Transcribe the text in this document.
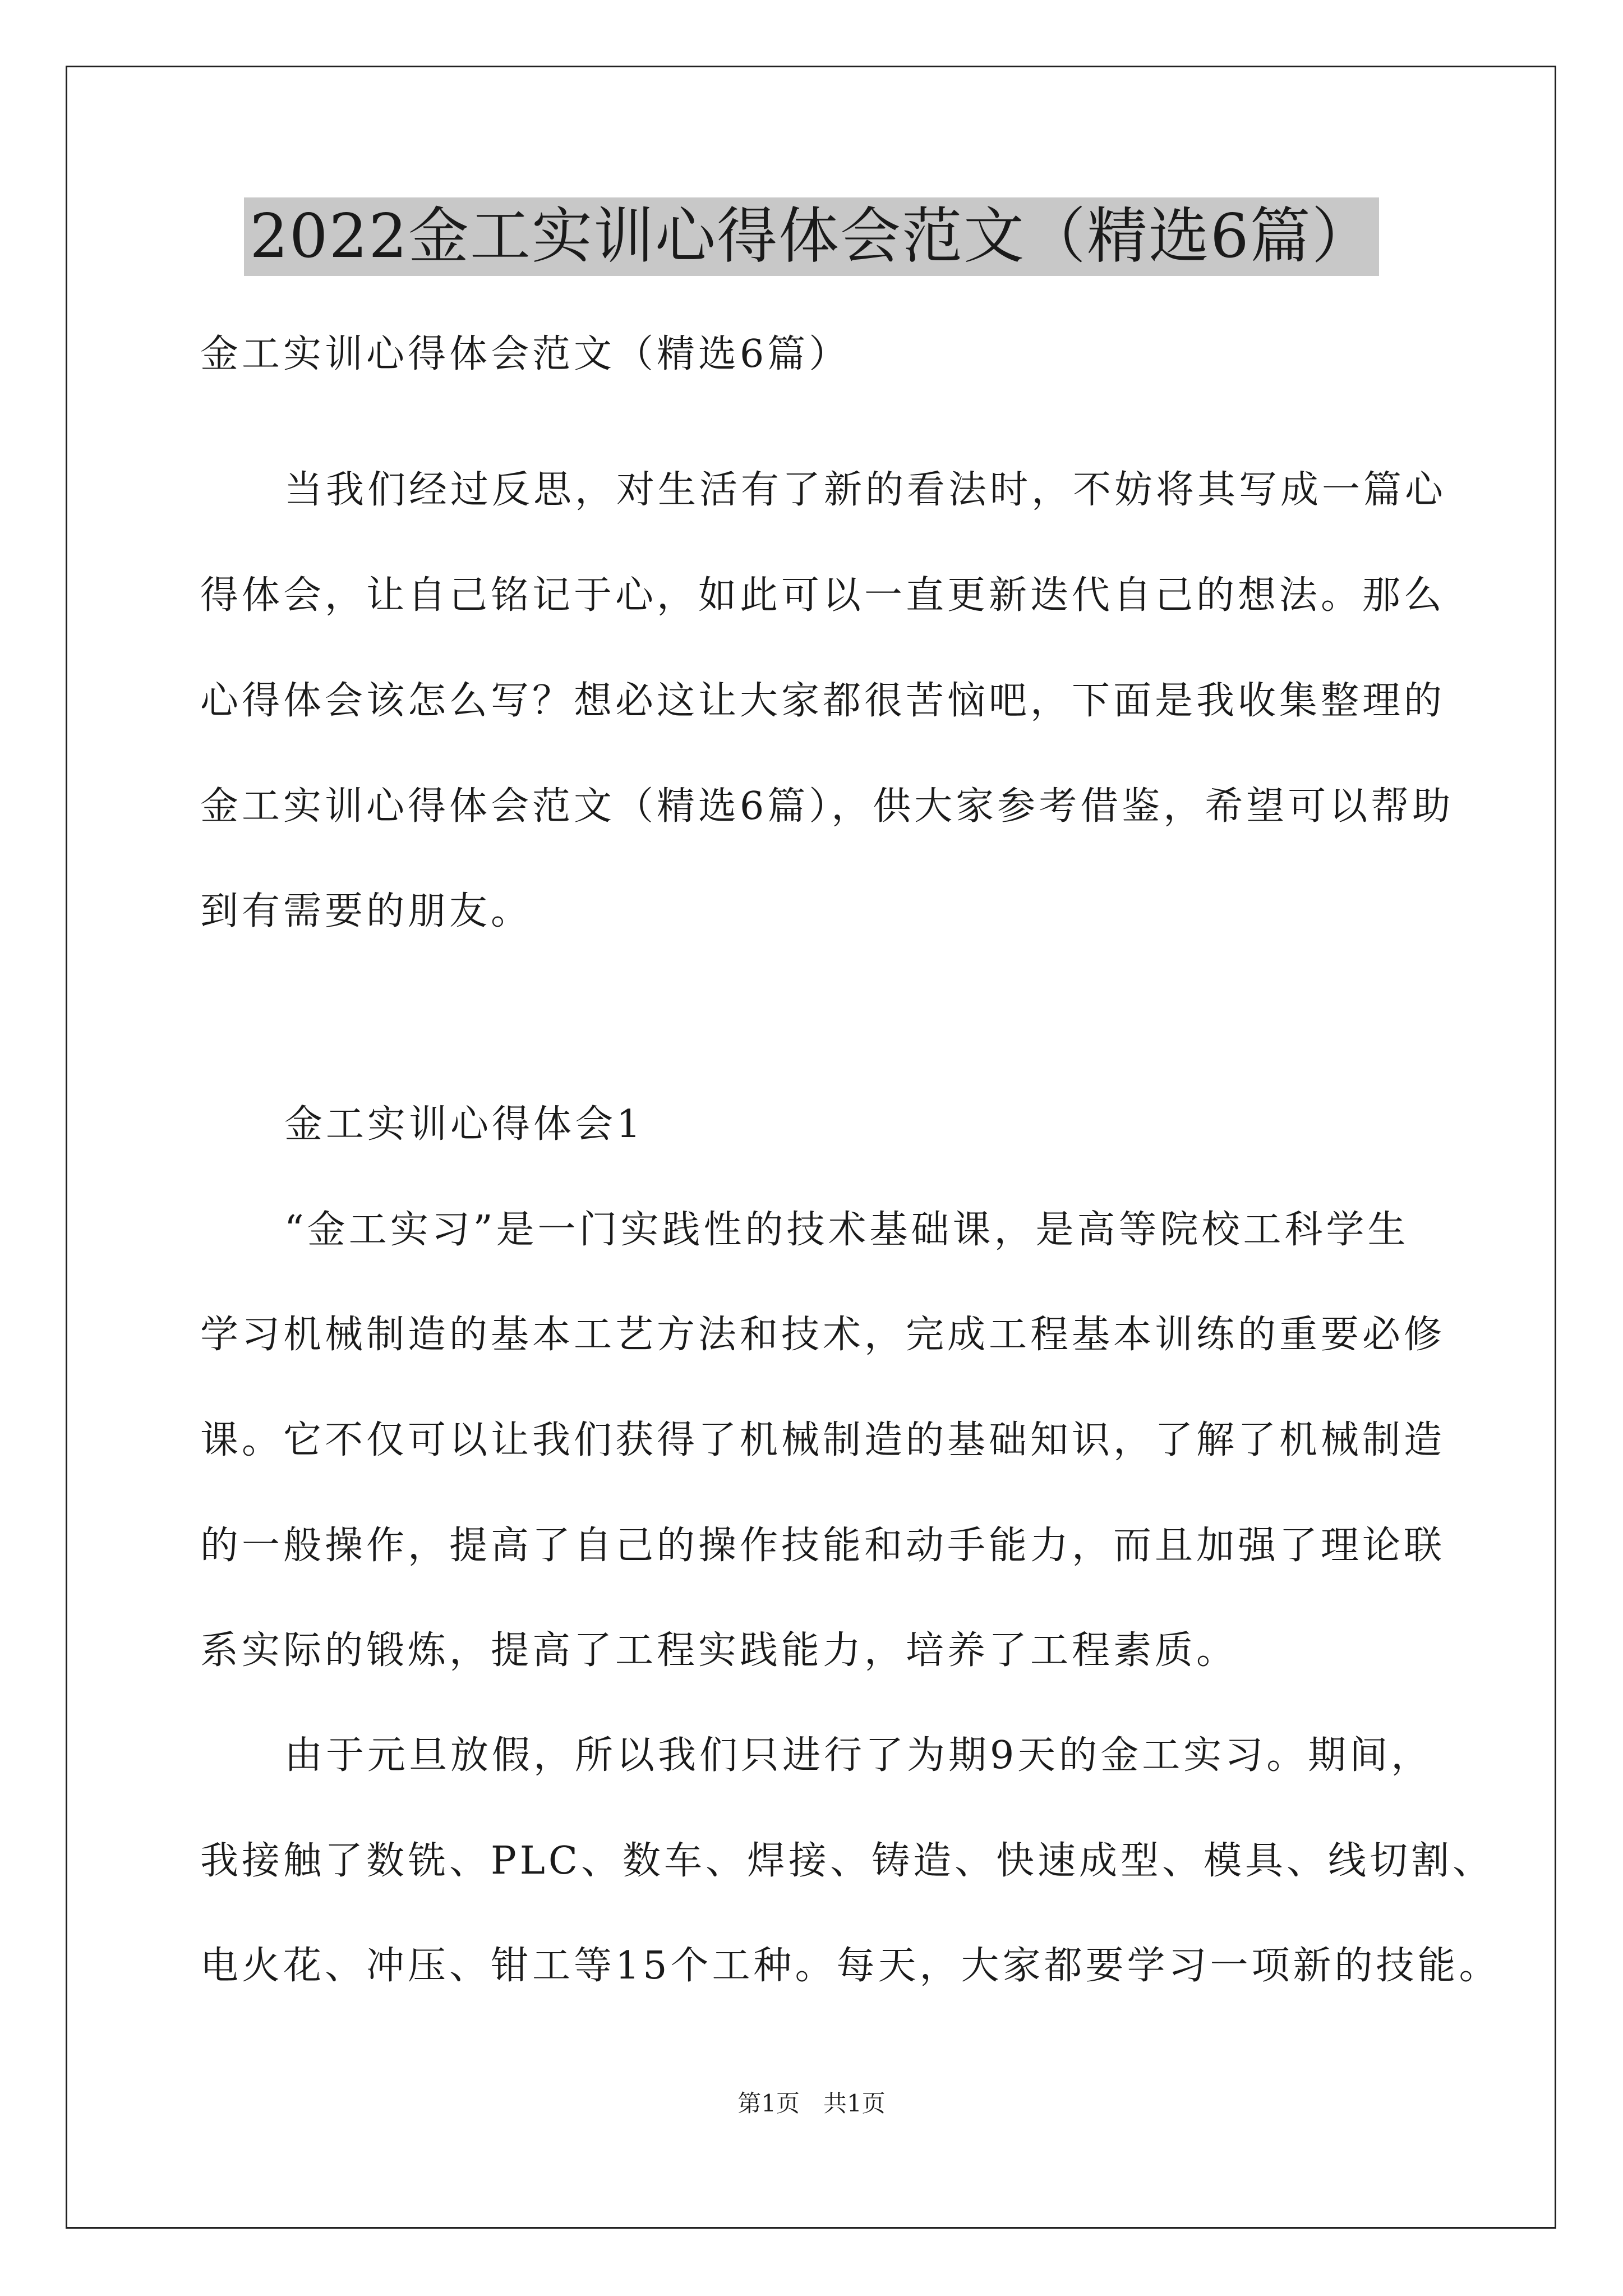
2022金工实训心得体会范文（精选6篇）
金工实训心得体会范文（精选6篇）
当我们经过反思，对生活有了新的看法时，不妨将其写成一篇心
得体会，让自己铭记于心，如此可以一直更新迭代自己的想法。那么
心得体会该怎么写？想必这让大家都很苦恼吧，下面是我收集整理的
金工实训心得体会范文（精选6篇），供大家参考借鉴，希望可以帮助
到有需要的朋友。
金工实训心得体会1
“金工实习”是一门实践性的技术基础课，是高等院校工科学生
学习机械制造的基本工艺方法和技术，完成工程基本训练的重要必修
课。它不仅可以让我们获得了机械制造的基础知识，了解了机械制造
的一般操作，提高了自己的操作技能和动手能力，而且加强了理论联
系实际的锻炼，提高了工程实践能力，培养了工程素质。
由于元旦放假，所以我们只进行了为期9天的金工实习。期间，
我接触了数铣、PLC、数车、焊接、铸造、快速成型、模具、线切割、
电火花、冲压、钳工等15个工种。每天，大家都要学习一项新的技能。
第1页　共1页
